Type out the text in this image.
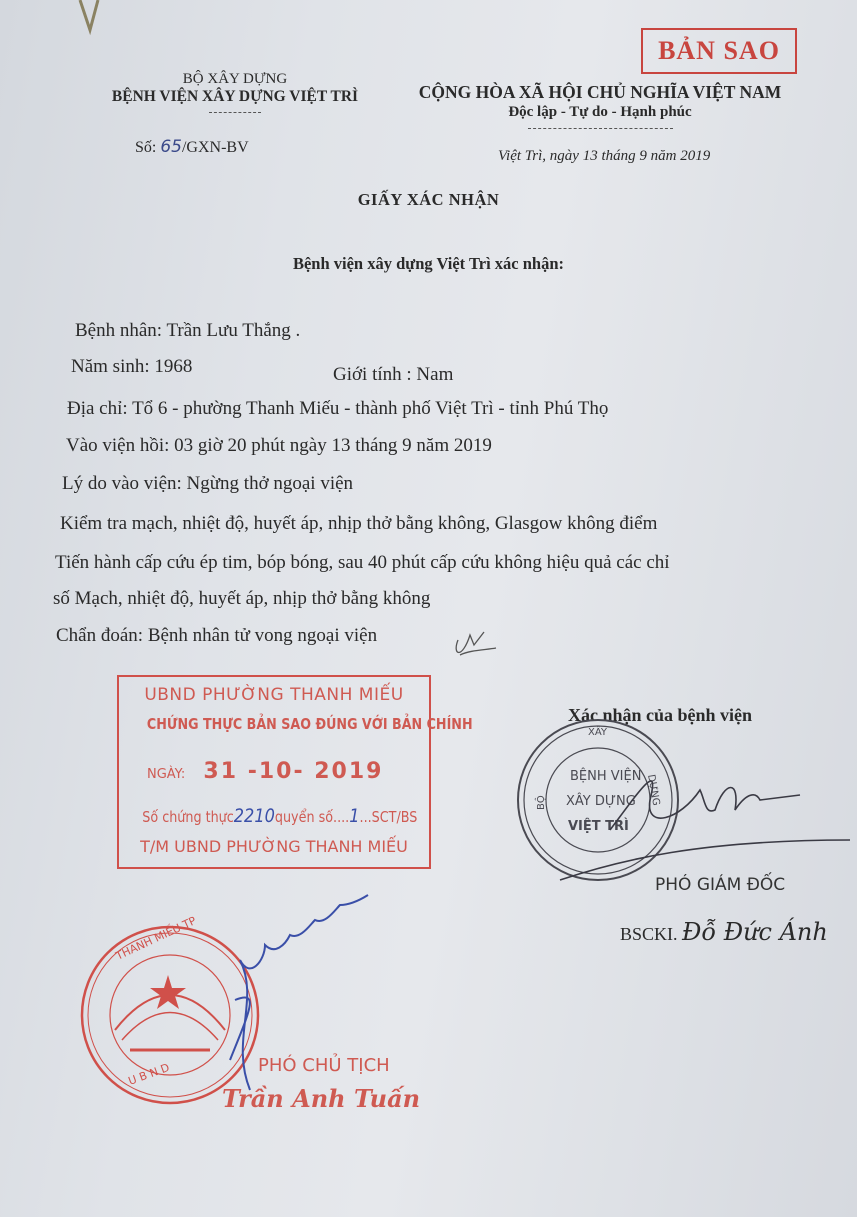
BẢN SAO
BỘ XÂY DỰNG
BỆNH VIỆN XÂY DỰNG VIỆT TRÌ
Số: 65/GXN-BV
CỘNG HÒA XÃ HỘI CHỦ NGHĨA VIỆT NAM
Độc lập - Tự do - Hạnh phúc
Việt Trì, ngày 13 tháng 9 năm 2019
GIẤY XÁC NHẬN
Bệnh viện xây dựng Việt Trì xác nhận:
Bệnh nhân: Trần Lưu Thắng .
Năm sinh: 1968	Giới tính : Nam
Địa chỉ: Tổ 6 - phường Thanh Miếu - thành phố Việt Trì - tỉnh Phú Thọ
Vào viện hồi: 03 giờ 20 phút ngày 13 tháng 9 năm 2019
Lý do vào viện: Ngừng thở ngoại viện
Kiểm tra mạch, nhiệt độ, huyết áp, nhịp thở bằng không, Glasgow không điểm
Tiến hành cấp cứu ép tim, bóp bóng, sau 40 phút cấp cứu không hiệu quả các chỉ
số Mạch, nhiệt độ, huyết áp, nhịp thở bằng không
Chẩn đoán: Bệnh nhân tử vong ngoại viện
UBND PHƯỜNG THANH MIẾU
CHỨNG THỰC BẢN SAO ĐÚNG VỚI BẢN CHÍNH
NGÀY: 31 -10- 2019
Số chứng thực2210quyển số....1...SCT/BS
T/M UBND PHƯỜNG THANH MIẾU
Xác nhận của bệnh viện
BỆNH VIỆN
XÂY DỰNG
VIỆT TRÌ
XÂY
BỘ	DỰNG
U B N D
THANH MIẾU TP
PHÓ GIÁM ĐỐC
BSCKI. Đỗ Đức Ánh
PHÓ CHỦ TỊCH
Trần Anh Tuấn
